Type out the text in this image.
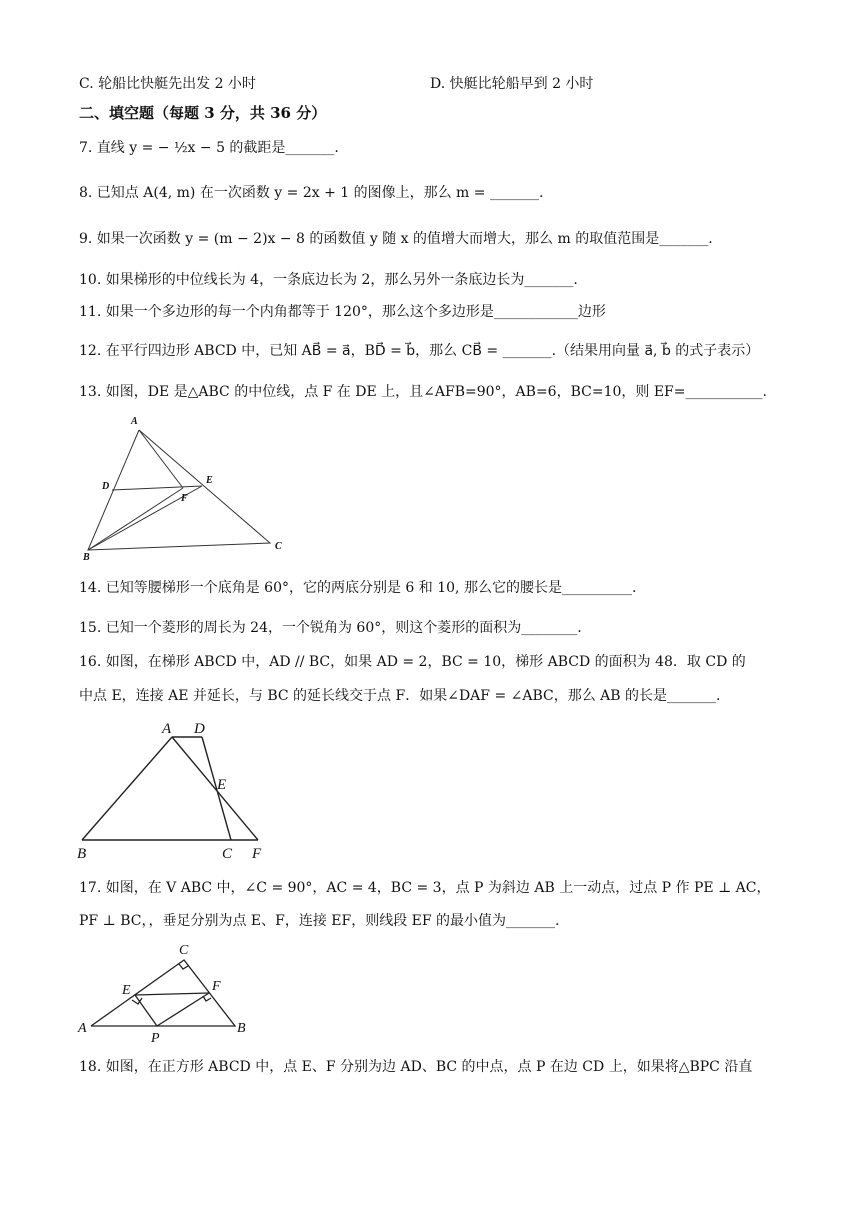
C. 轮船比快艇先出发 2 小时	D. 快艇比轮船早到 2 小时
二、填空题（每题 3 分，共 36 分）
7. 直线 y = − ½x − 5 的截距是_______.
8. 已知点 A(4, m) 在一次函数 y = 2x + 1 的图像上，那么 m = _______.
9. 如果一次函数 y = (m − 2)x − 8 的函数值 y 随 x 的值增大而增大，那么 m 的取值范围是_______.
10. 如果梯形的中位线长为 4，一条底边长为 2，那么另外一条底边长为_______.
11. 如果一个多边形的每一个内角都等于 120°，那么这个多边形是____________边形
12. 在平行四边形 ABCD 中，已知 AB⃗ = a⃗，BD⃗ = b⃗，那么 CB⃗ = _______.（结果用向量 a⃗, b⃗ 的式子表示）
13. 如图，DE 是△ABC 的中位线，点 F 在 DE 上，且∠AFB=90°，AB=6，BC=10，则 EF=___________.
A
D
E
F
B
C
14. 已知等腰梯形一个底角是 60°，它的两底分别是 6 和 10, 那么它的腰长是__________.
15. 已知一个菱形的周长为 24，一个锐角为 60°，则这个菱形的面积为________.
16. 如图，在梯形 ABCD 中，AD // BC，如果 AD = 2，BC = 10，梯形 ABCD 的面积为 48．取 CD 的
中点 E，连接 AE 并延长，与 BC 的延长线交于点 F．如果∠DAF = ∠ABC，那么 AB 的长是_______.
A D
E
B	C F
17. 如图，在 V ABC 中，∠C = 90°，AC = 4，BC = 3，点 P 为斜边 AB 上一动点，过点 P 作 PE ⊥ AC，
PF ⊥ BC，，垂足分别为点 E、F，连接 EF，则线段 EF 的最小值为_______.
C
E	F
A
P
B
18. 如图，在正方形 ABCD 中，点 E、F 分别为边 AD、BC 的中点，点 P 在边 CD 上，如果将△BPC 沿直
